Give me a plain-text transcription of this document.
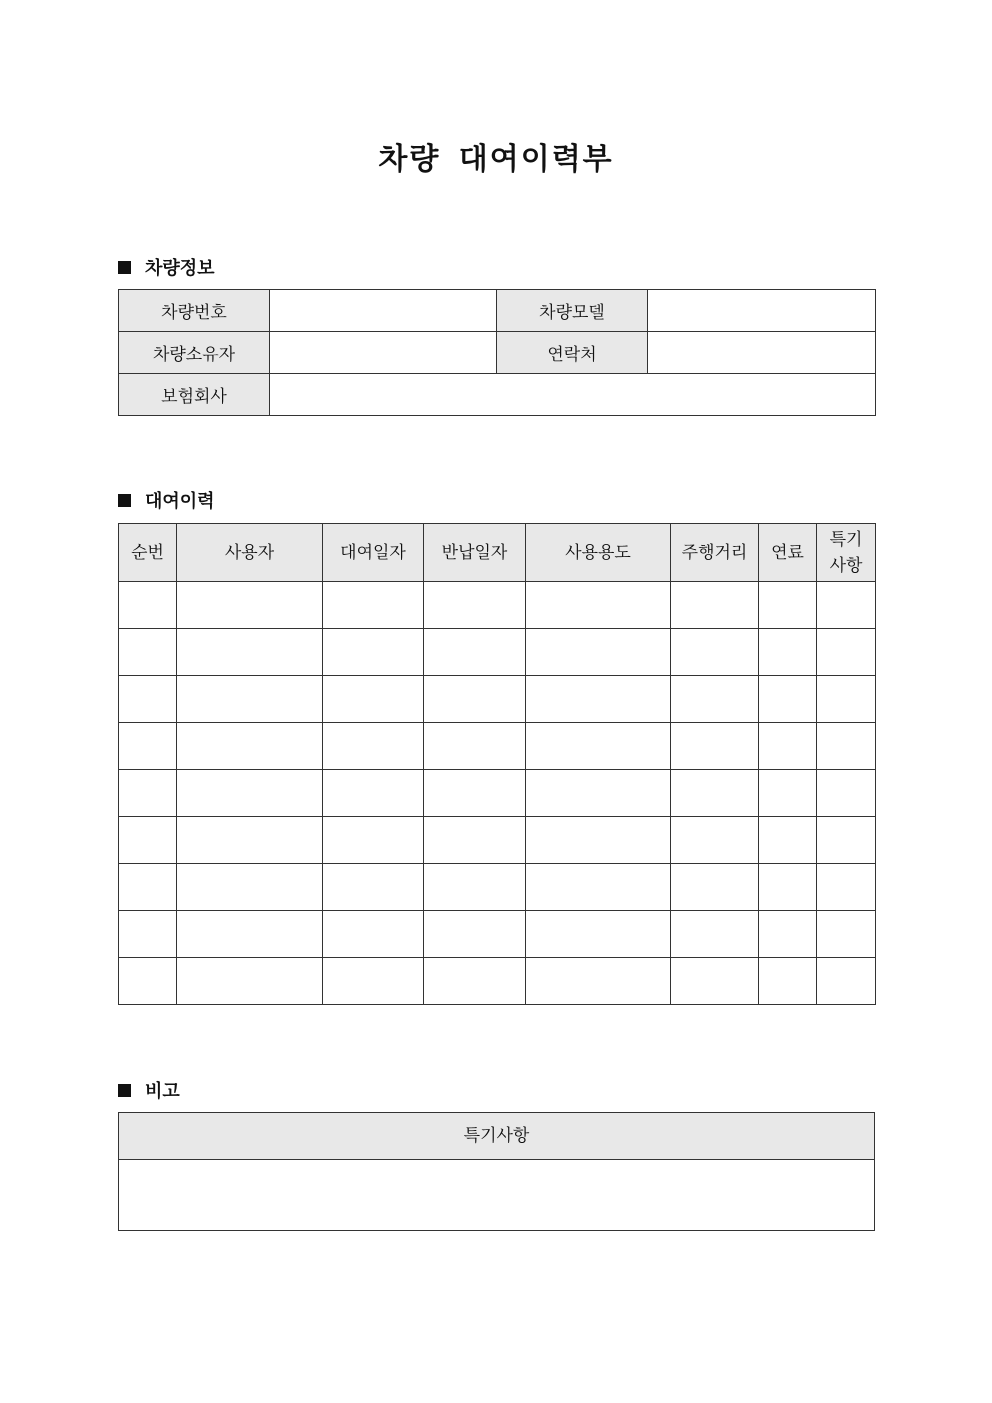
차량 대여이력부
차량정보
차량번호		차량모델	
차량소유자		연락처	
보험회사			
대여이력
순번	사용자	대여일자	반납일자	사용용도	주행거리	연료	특기
사항

비고
특기사항
